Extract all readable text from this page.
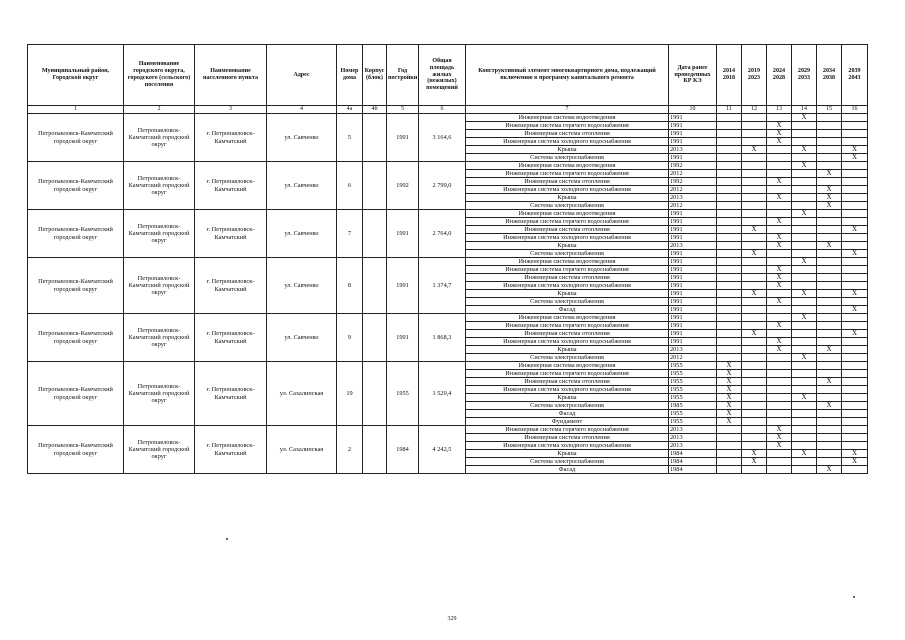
Муниципальный район, Городской округ	Наименование городского округа, городского (сельского) поселения	Наименование населенного пункта	Адрес	Номер дома	Корпус (блок)	Год постройки	Общая площадь жилых (нежилых) помещений	Конструктивный элемент многоквартирного дома, подлежащий включению в программу капитального ремонта	Дата ранее проведенных КР КЭ	2014 2018	2019 2023	2024 2028	2029 2033	2034 2038	2039 2043
1	2	3	4	4а	4б	5	6	7	10	11	12	13	14	15	16
Петропавловск-Камчатский городской округ	Петропавловск-Камчатский городской округ	г. Петропавловск-Камчатский	ул. Савченко	5		1991	3 164,6	Инженерная система водоотведения	1991				X		
								Инженерная система горячего водоснабжения	1991			X			
								Инженерная система отопления	1991			X			
								Инженерная система холодного водоснабжения	1991			X			
								Крыша	2013		X		X		X
								Система электроснабжения	1991						X
Петропавловск-Камчатский городской округ	Петропавловск-Камчатский городской округ	г. Петропавловск-Камчатский	ул. Савченко	6		1992	2 799,0	Инженерная система водоотведения	1992				X		
								Инженерная система горячего водоснабжения	2012					X	
								Инженерная система отопления	1992			X			
								Инженерная система холодного водоснабжения	2012					X	
								Крыша	2013			X		X	
								Система электроснабжения	2012					X	
Петропавловск-Камчатский городской округ	Петропавловск-Камчатский городской округ	г. Петропавловск-Камчатский	ул. Савченко	7		1991	2 764,0	Инженерная система водоотведения	1991				X		
								Инженерная система горячего водоснабжения	1991			X			
								Инженерная система отопления	1991		X				X
								Инженерная система холодного водоснабжения	1991			X			
								Крыша	2013			X		X	
								Система электроснабжения	1991		X				X
Петропавловск-Камчатский городской округ	Петропавловск-Камчатский городской округ	г. Петропавловск-Камчатский	ул. Савченко	8		1991	1 374,7	Инженерная система водоотведения	1991				X		
								Инженерная система горячего водоснабжения	1991			X			
								Инженерная система отопления	1991			X			
								Инженерная система холодного водоснабжения	1991			X			
								Крыша	1991		X		X		X
								Система электроснабжения	1991			X			
								Фасад	1991						X
Петропавловск-Камчатский городской округ	Петропавловск-Камчатский городской округ	г. Петропавловск-Камчатский	ул. Савченко	9		1991	1 868,3	Инженерная система водоотведения	1991				X		
								Инженерная система горячего водоснабжения	1991			X			
								Инженерная система отопления	1991		X				X
								Инженерная система холодного водоснабжения	1991			X			
								Крыша	2013			X		X	
								Система электроснабжения	2012				X		
Петропавловск-Камчатский городской округ	Петропавловск-Камчатский городской округ	г. Петропавловск-Камчатский	ул. Сахалинская	19		1955	1 520,4	Инженерная система водоотведения	1955	X					
								Инженерная система горячего водоснабжения	1955	X					
								Инженерная система отопления	1955	X				X	
								Инженерная система холодного водоснабжения	1955	X					
								Крыша	1955	X			X		
								Система электроснабжения	1985	X				X	
								Фасад	1955	X					
								Фундамент	1955	X					
Петропавловск-Камчатский городской округ	Петропавловск-Камчатский городской округ	г. Петропавловск-Камчатский	ул. Сахалинская	2		1984	4 242,5	Инженерная система горячего водоснабжения	2013			X			
								Инженерная система отопления	2013			X			
								Инженерная система холодного водоснабжения	2013			X			
								Крыша	1984		X		X		X
								Система электроснабжения	1984		X				X
								Фасад	1984					X	
329
